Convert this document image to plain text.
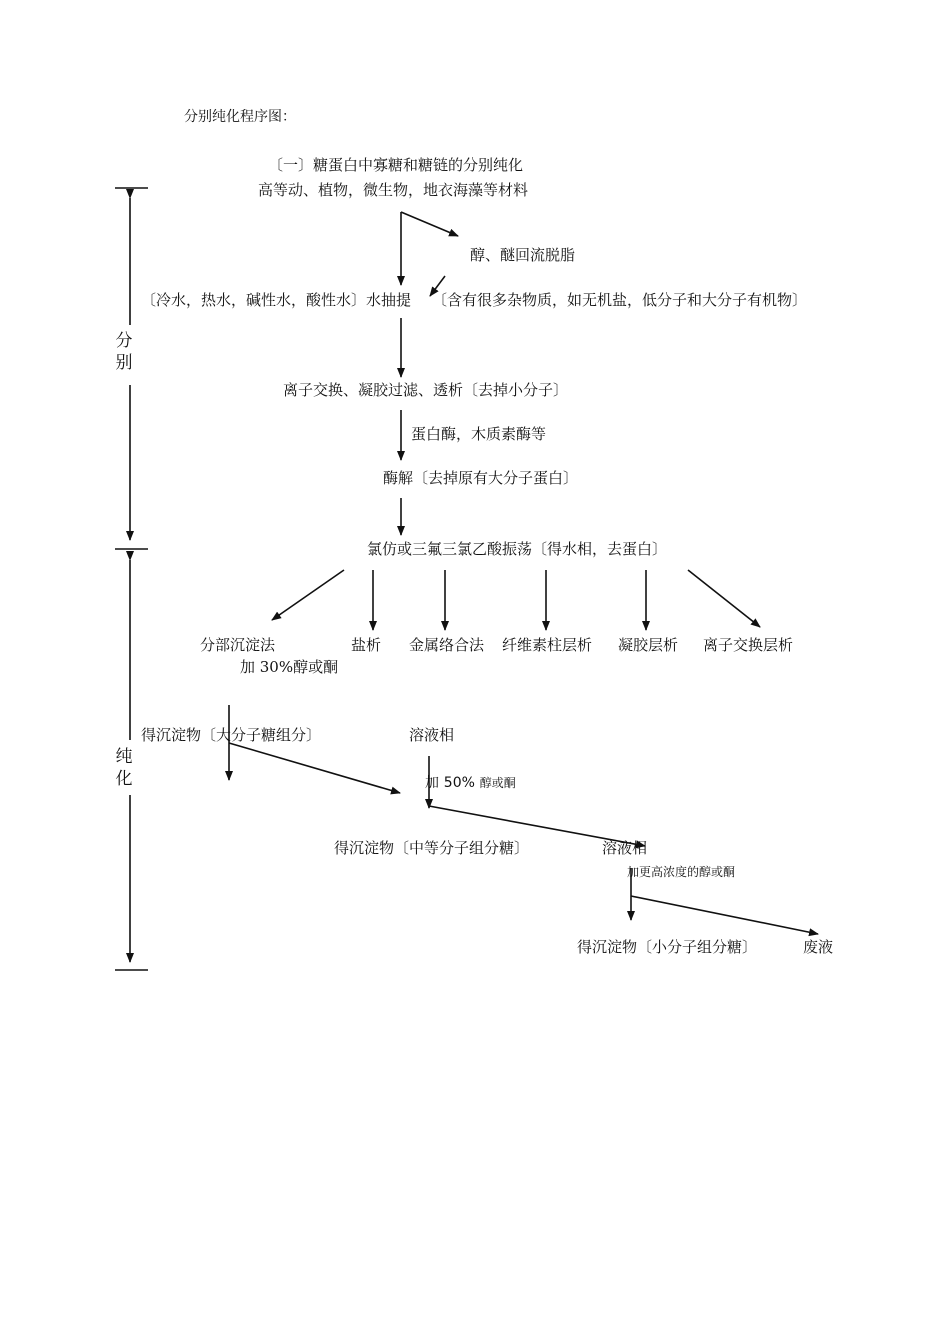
分
别
纯
化
分别纯化程序图：
〔一〕糖蛋白中寡糖和糖链的分别纯化
高等动、植物，微生物，地衣海藻等材料
醇、醚回流脱脂
〔冷水，热水，碱性水，酸性水〕水抽提 〔含有很多杂物质，如无机盐，低分子和大分子有机物〕
离子交换、凝胶过滤、透析〔去掉小分子〕
蛋白酶，木质素酶等
酶解〔去掉原有大分子蛋白〕
氯仿或三氟三氯乙酸振荡〔得水相，去蛋白〕
分部沉淀法	盐析 金属络合法 纤维素柱层析 凝胶层析 离子交换层析
加 30%醇或酮
得沉淀物〔大分子糖组分〕	溶液相
加 50% 醇或酮
得沉淀物〔中等分子组分糖〕	溶液相
加更高浓度的醇或酮
得沉淀物〔小分子组分糖〕	废液
